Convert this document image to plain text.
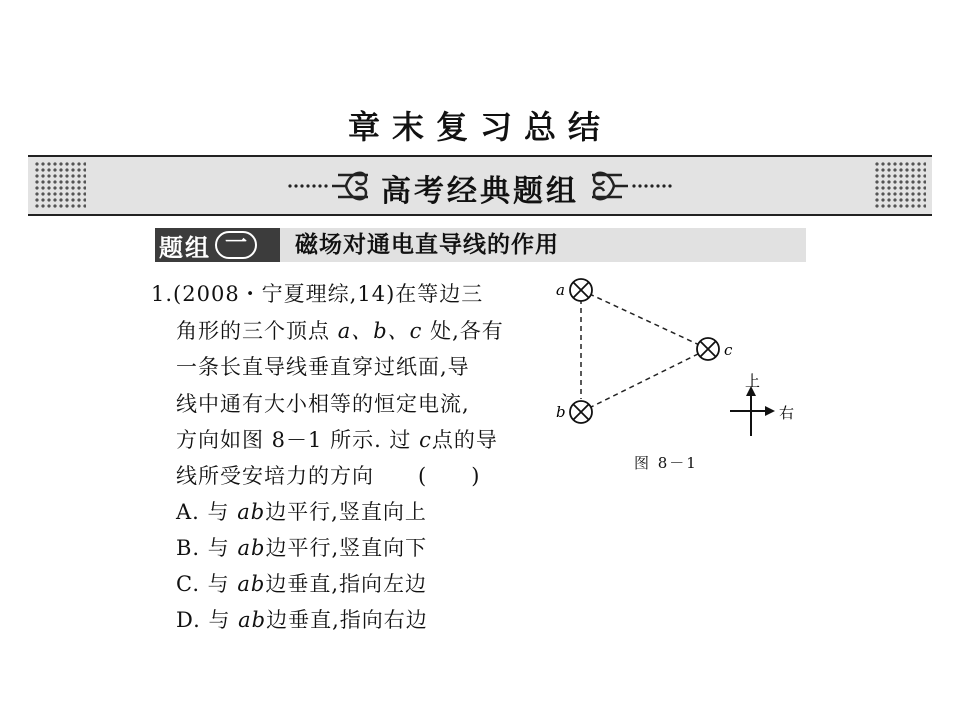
章末复习总结
高考经典题组
题组 一	磁场对通电直导线的作用
1.(2008・宁夏理综,14)在等边三
角形的三个顶点 a、b、c 处,各有
一条长直导线垂直穿过纸面,导
线中通有大小相等的恒定电流,
方向如图 8－1 所示. 过 c点的导
线所受安培力的方向　　(　　)
A. 与 ab边平行,竖直向上
B. 与 ab边平行,竖直向下
C. 与 ab边垂直,指向左边
D. 与 ab边垂直,指向右边
a
b
c
上
右
图 8－1
